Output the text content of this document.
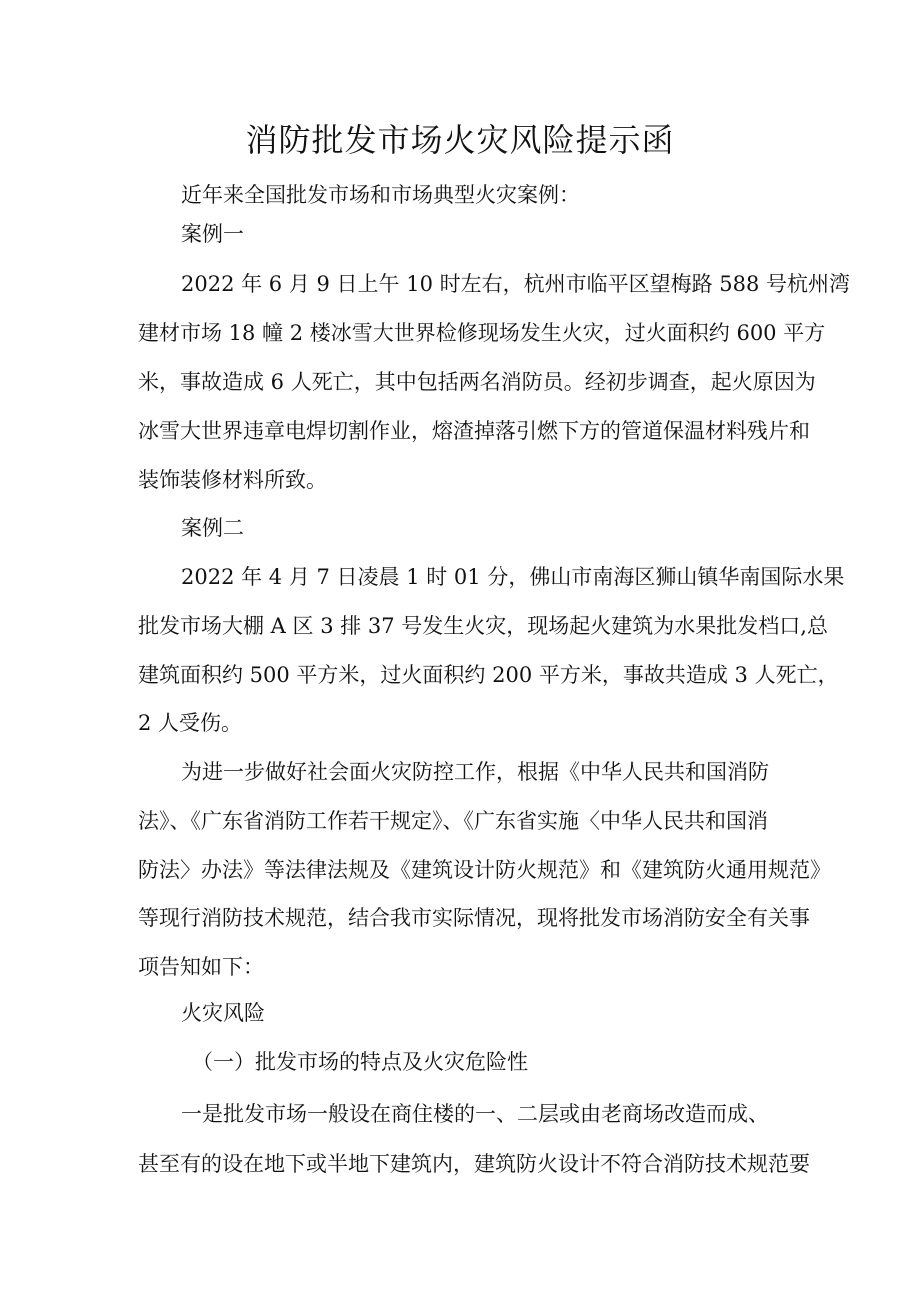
消防批发市场火灾风险提示函
近年来全国批发市场和市场典型火灾案例：
案例一
2022 年 6 月 9 日上午 10 时左右，杭州市临平区望梅路 588 号杭州湾
建材市场 18 幢 2 楼冰雪大世界检修现场发生火灾，过火面积约 600 平方
米，事故造成 6 人死亡，其中包括两名消防员。经初步调查，起火原因为
冰雪大世界违章电焊切割作业，熔渣掉落引燃下方的管道保温材料残片和
装饰装修材料所致。
案例二
2022 年 4 月 7 日凌晨 1 时 01 分，佛山市南海区狮山镇华南国际水果
批发市场大棚 A 区 3 排 37 号发生火灾，现场起火建筑为水果批发档口,总
建筑面积约 500 平方米，过火面积约 200 平方米，事故共造成 3 人死亡，
2 人受伤。
为进一步做好社会面火灾防控工作，根据《中华人民共和国消防
法》、《广东省消防工作若干规定》、《广东省实施〈中华人民共和国消
防法〉办法》等法律法规及《建筑设计防火规范》和《建筑防火通用规范》
等现行消防技术规范，结合我市实际情况，现将批发市场消防安全有关事
项告知如下：
火灾风险
（一）批发市场的特点及火灾危险性
一是批发市场一般设在商住楼的一、二层或由老商场改造而成、
甚至有的设在地下或半地下建筑内，建筑防火设计不符合消防技术规范要
